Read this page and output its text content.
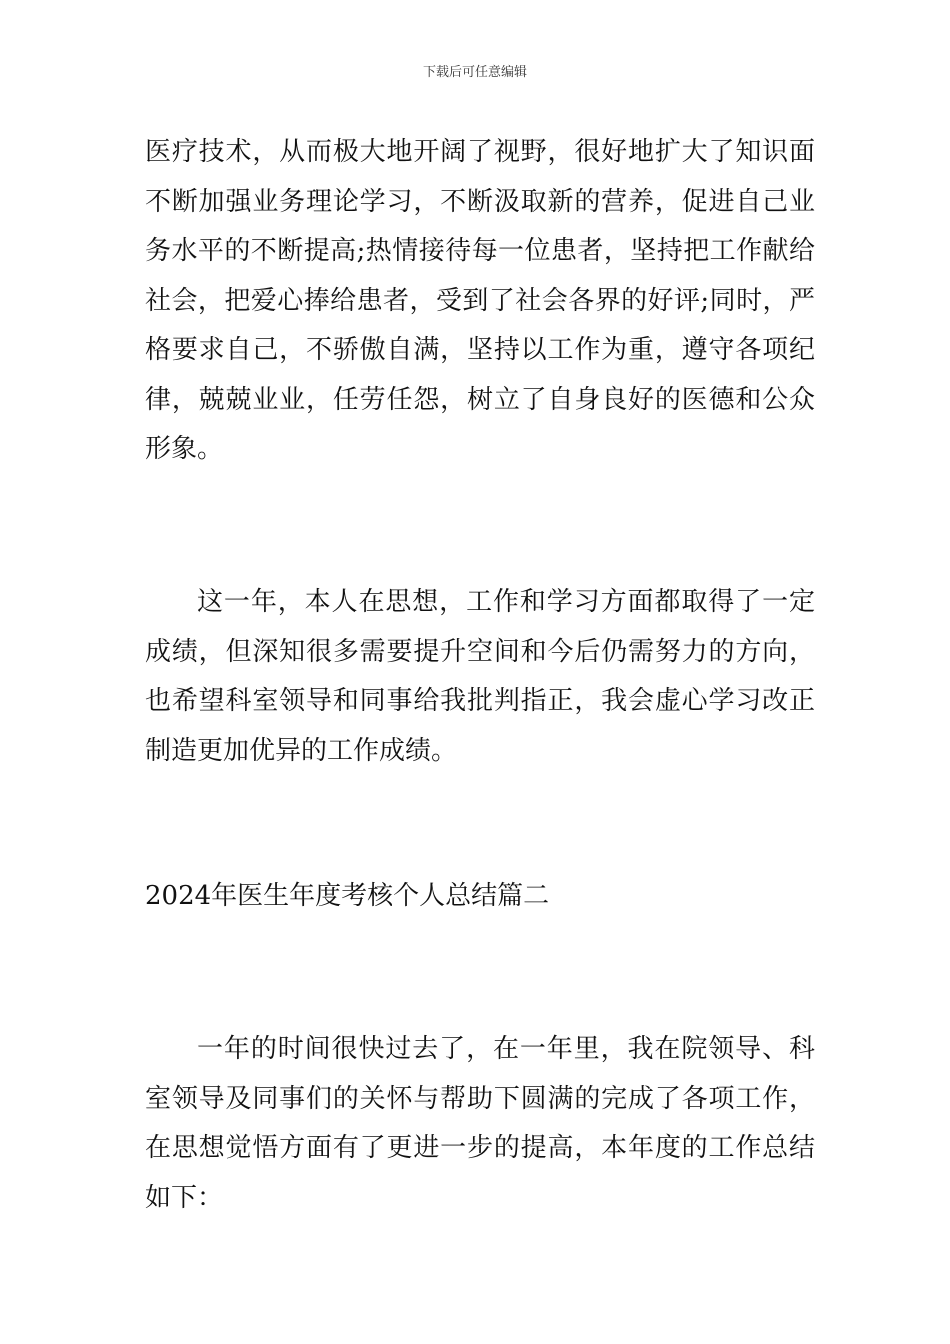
下载后可任意编辑

医疗技术，从而极大地开阔了视野，很好地扩大了知识面不断加强业务理论学习，不断汲取新的营养，促进自己业务水平的不断提高;热情接待每一位患者，坚持把工作献给社会，把爱心捧给患者，受到了社会各界的好评;同时，严格要求自己，不骄傲自满，坚持以工作为重，遵守各项纪律，兢兢业业，任劳任怨，树立了自身良好的医德和公众形象。

这一年，本人在思想，工作和学习方面都取得了一定成绩，但深知很多需要提升空间和今后仍需努力的方向，也希望科室领导和同事给我批判指正，我会虚心学习改正制造更加优异的工作成绩。

2024年医生年度考核个人总结篇二

一年的时间很快过去了，在一年里，我在院领导、科室领导及同事们的关怀与帮助下圆满的完成了各项工作，在思想觉悟方面有了更进一步的提高，本年度的工作总结如下：
